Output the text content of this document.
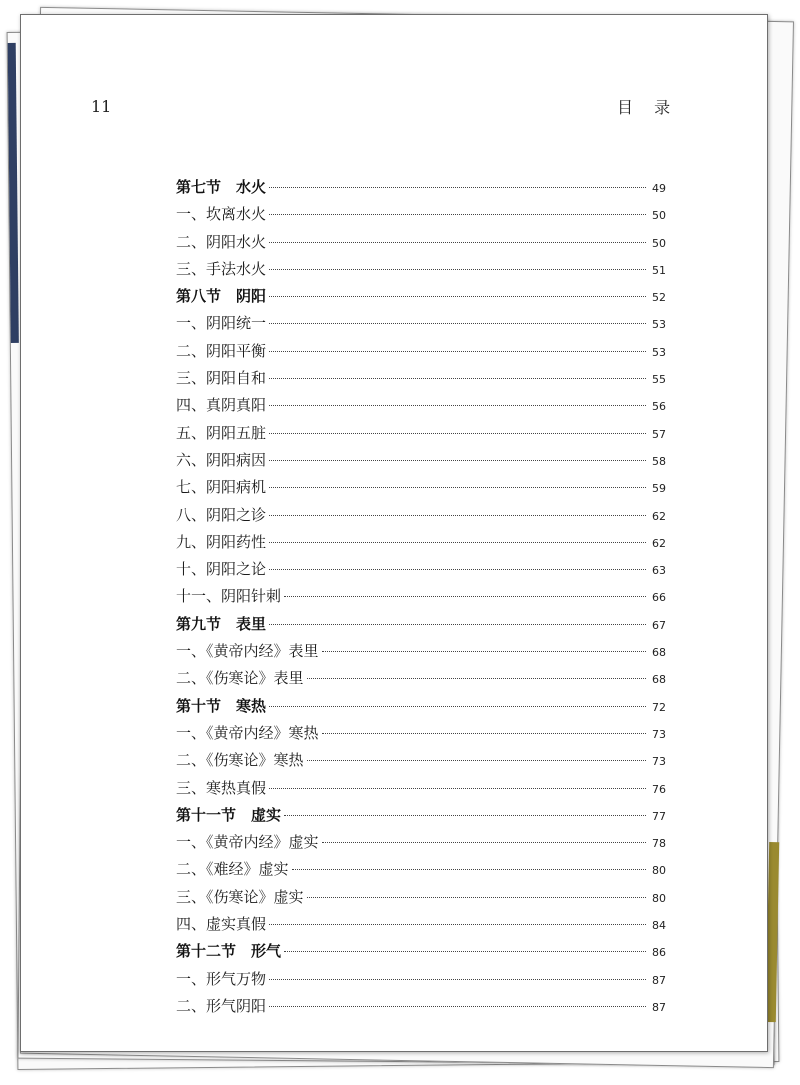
11	目 录
第七节　水火	49
一、坎离水火	50
二、阴阳水火	50
三、手法水火	51
第八节　阴阳	52
一、阴阳统一	53
二、阴阳平衡	53
三、阴阳自和	55
四、真阴真阳	56
五、阴阳五脏	57
六、阴阳病因	58
七、阴阳病机	59
八、阴阳之诊	62
九、阴阳药性	62
十、阴阳之论	63
十一、阴阳针刺	66
第九节　表里	67
一、《黄帝内经》表里	68
二、《伤寒论》表里	68
第十节　寒热	72
一、《黄帝内经》寒热	73
二、《伤寒论》寒热	73
三、寒热真假	76
第十一节　虚实	77
一、《黄帝内经》虚实	78
二、《难经》虚实	80
三、《伤寒论》虚实	80
四、虚实真假	84
第十二节　形气	86
一、形气万物	87
二、形气阴阳	87
